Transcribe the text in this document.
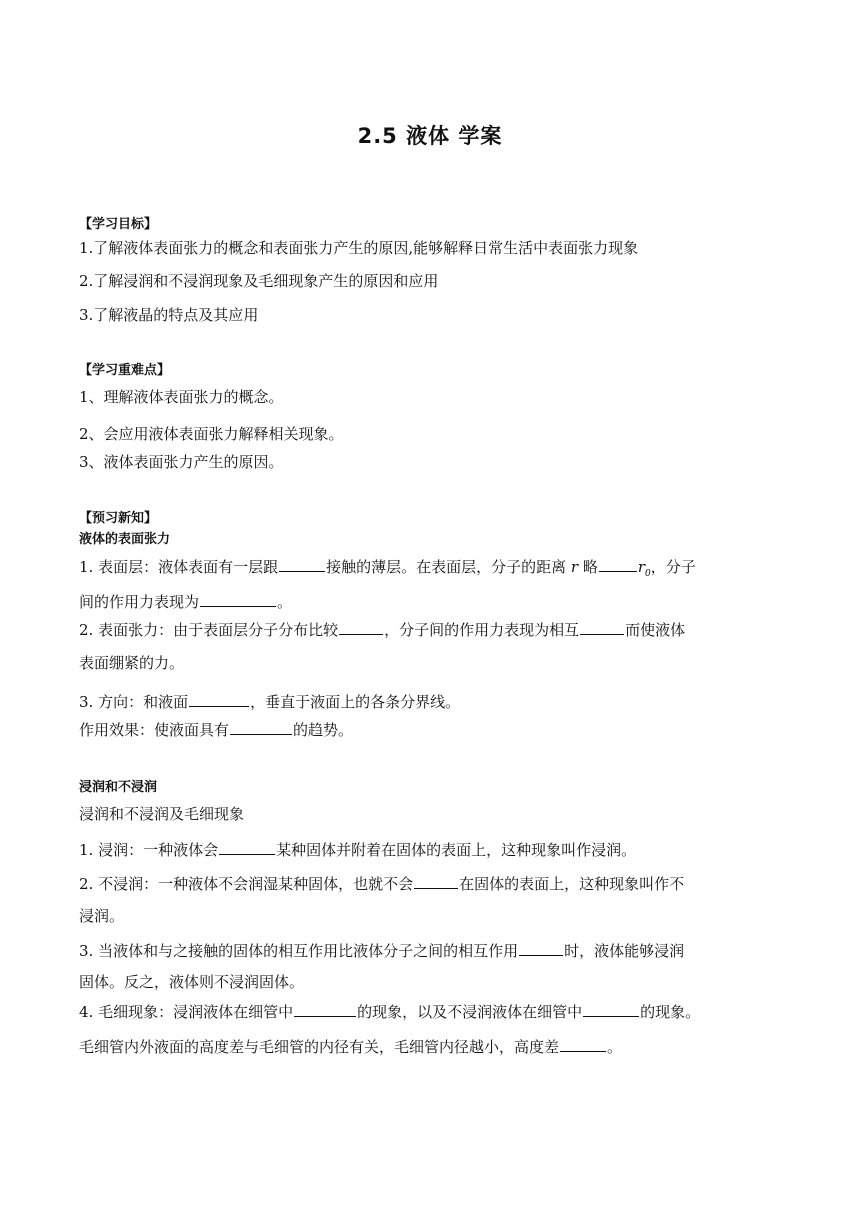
2.5 液体 学案
【学习目标】
1.了解液体表面张力的概念和表面张力产生的原因,能够解释日常生活中表面张力现象
2.了解浸润和不浸润现象及毛细现象产生的原因和应用
3.了解液晶的特点及其应用
【学习重难点】
1、理解液体表面张力的概念。
2、会应用液体表面张力解释相关现象。
3、液体表面张力产生的原因。
【预习新知】
液体的表面张力
1. 表面层：液体表面有一层跟	接触的薄层。在表面层，分子的距离 r 略	$r_0$，分子
间的作用力表现为	。
2. 表面张力：由于表面层分子分布比较	，分子间的作用力表现为相互	而使液体
表面绷紧的力。
3. 方向：和液面	，垂直于液面上的各条分界线。
作用效果：使液面具有	的趋势。
浸润和不浸润
浸润和不浸润及毛细现象
1. 浸润：一种液体会	某种固体并附着在固体的表面上，这种现象叫作浸润。
2. 不浸润：一种液体不会润湿某种固体，也就不会	在固体的表面上，这种现象叫作不
浸润。
3. 当液体和与之接触的固体的相互作用比液体分子之间的相互作用	时，液体能够浸润
固体。反之，液体则不浸润固体。
4. 毛细现象：浸润液体在细管中	的现象，以及不浸润液体在细管中	的现象。
毛细管内外液面的高度差与毛细管的内径有关，毛细管内径越小，高度差	。
